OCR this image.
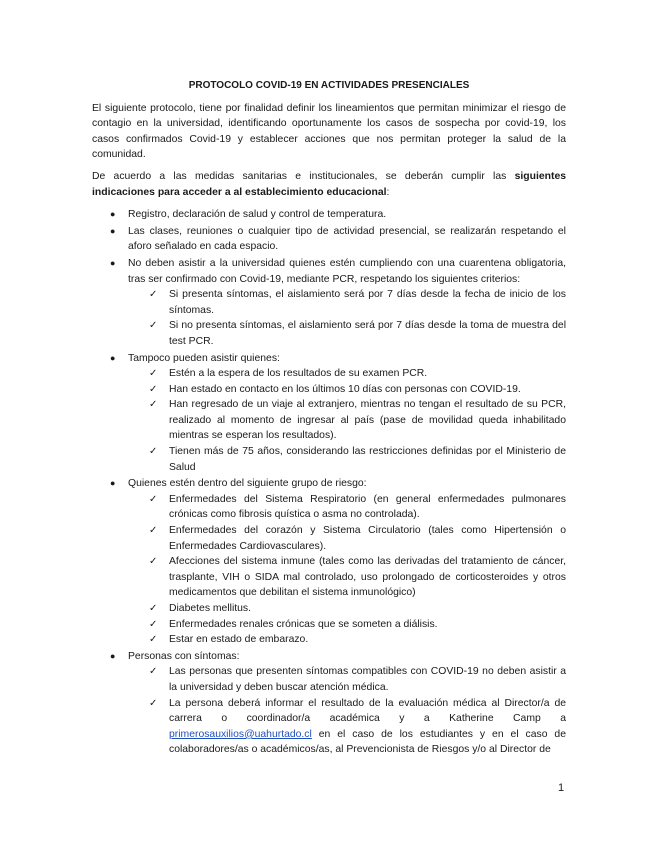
PROTOCOLO COVID-19 EN ACTIVIDADES PRESENCIALES

El siguiente protocolo, tiene por finalidad definir los lineamientos que permitan minimizar el riesgo de contagio en la universidad, identificando oportunamente los casos de sospecha por covid-19, los casos confirmados Covid-19 y establecer acciones que nos permitan proteger la salud de la comunidad.

De acuerdo a las medidas sanitarias e institucionales, se deberán cumplir las siguientes indicaciones para acceder a al establecimiento educacional:

● Registro, declaración de salud y control de temperatura.
● Las clases, reuniones o cualquier tipo de actividad presencial, se realizarán respetando el aforo señalado en cada espacio.
● No deben asistir a la universidad quienes estén cumpliendo con una cuarentena obligatoria, tras ser confirmado con Covid-19, mediante PCR, respetando los siguientes criterios:
✓ Si presenta síntomas, el aislamiento será por 7 días desde la fecha de inicio de los síntomas.
✓ Si no presenta síntomas, el aislamiento será por 7 días desde la toma de muestra del test PCR.
● Tampoco pueden asistir quienes:
✓ Estén a la espera de los resultados de su examen PCR.
✓ Han estado en contacto en los últimos 10 días con personas con COVID-19.
✓ Han regresado de un viaje al extranjero, mientras no tengan el resultado de su PCR, realizado al momento de ingresar al país (pase de movilidad queda inhabilitado mientras se esperan los resultados).
✓ Tienen más de 75 años, considerando las restricciones definidas por el Ministerio de Salud
● Quienes estén dentro del siguiente grupo de riesgo:
✓ Enfermedades del Sistema Respiratorio (en general enfermedades pulmonares crónicas como fibrosis quística o asma no controlada).
✓ Enfermedades del corazón y Sistema Circulatorio (tales como Hipertensión o Enfermedades Cardiovasculares).
✓ Afecciones del sistema inmune (tales como las derivadas del tratamiento de cáncer, trasplante, VIH o SIDA mal controlado, uso prolongado de corticosteroides y otros medicamentos que debilitan el sistema inmunológico)
✓ Diabetes mellitus.
✓ Enfermedades renales crónicas que se someten a diálisis.
✓ Estar en estado de embarazo.
● Personas con síntomas:
✓ Las personas que presenten síntomas compatibles con COVID-19 no deben asistir a la universidad y deben buscar atención médica.
✓ La persona deberá informar el resultado de la evaluación médica al Director/a de carrera o coordinador/a académica y a Katherine Camp a primerosauxilios@uahurtado.cl en el caso de los estudiantes y en el caso de colaboradores/as o académicos/as, al Prevencionista de Riesgos y/o al Director de
1
